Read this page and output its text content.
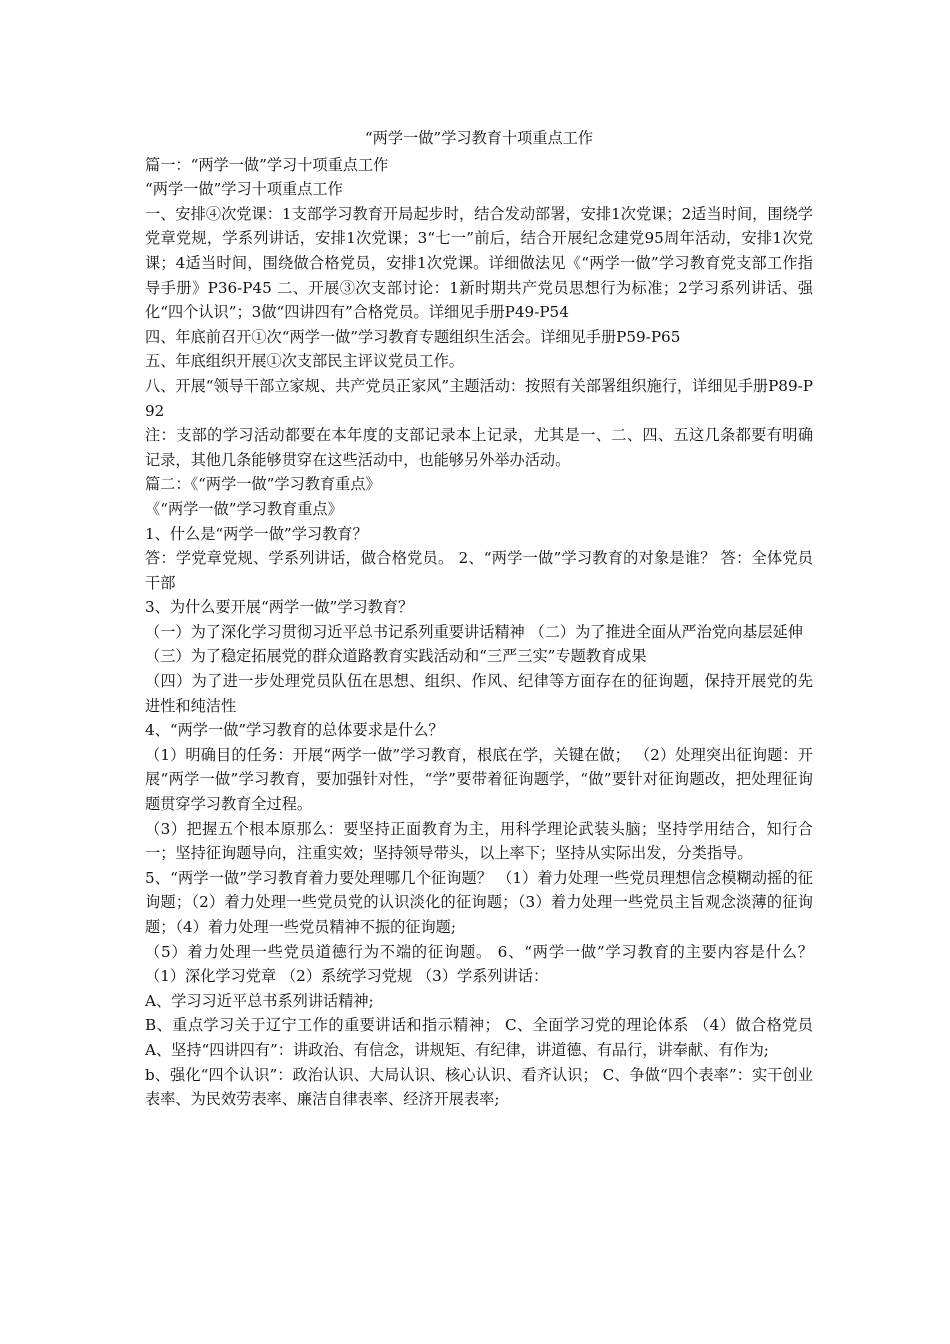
“两学一做”学习教育十项重点工作
篇一：“两学一做”学习十项重点工作
“两学一做”学习十项重点工作
一、安排④次党课：1支部学习教育开局起步时，结合发动部署，安排1次党课；2适当时间，围绕学党章党规，学系列讲话，安排1次党课；3“七一”前后，结合开展纪念建党95周年活动，安排1次党课；4适当时间，围绕做合格党员，安排1次党课。详细做法见《“两学一做”学习教育党支部工作指导手册》P36-P45 二、开展③次支部讨论：1新时期共产党员思想行为标准；2学习系列讲话、强化“四个认识”；3做“四讲四有”合格党员。详细见手册P49-P54
四、年底前召开①次“两学一做”学习教育专题组织生活会。详细见手册P59-P65
五、年底组织开展①次支部民主评议党员工作。
八、开展“领导干部立家规、共产党员正家风”主题活动：按照有关部署组织施行，详细见手册P89-P92
注：支部的学习活动都要在本年度的支部记录本上记录，尤其是一、二、四、五这几条都要有明确记录，其他几条能够贯穿在这些活动中，也能够另外举办活动。
篇二：《“两学一做”学习教育重点》
《“两学一做”学习教育重点》
1、什么是“两学一做”学习教育？
答：学党章党规、学系列讲话，做合格党员。 2、“两学一做”学习教育的对象是谁？ 答：全体党员干部
3、为什么要开展“两学一做”学习教育？
（一）为了深化学习贯彻习近平总书记系列重要讲话精神 （二）为了推进全面从严治党向基层延伸
（三）为了稳定拓展党的群众道路教育实践活动和“三严三实”专题教育成果
（四）为了进一步处理党员队伍在思想、组织、作风、纪律等方面存在的征询题，保持开展党的先进性和纯洁性
4、“两学一做”学习教育的总体要求是什么？
（1）明确目的任务：开展“两学一做”学习教育，根底在学，关键在做； （2）处理突出征询题：开展“两学一做”学习教育，要加强针对性，“学”要带着征询题学，“做”要针对征询题改，把处理征询题贯穿学习教育全过程。
（3）把握五个根本原那么：要坚持正面教育为主，用科学理论武装头脑；坚持学用结合，知行合一；坚持征询题导向，注重实效；坚持领导带头，以上率下；坚持从实际出发，分类指导。
5、“两学一做”学习教育着力要处理哪几个征询题？ （1）着力处理一些党员理想信念模糊动摇的征询题；（2）着力处理一些党员党的认识淡化的征询题；（3）着力处理一些党员主旨观念淡薄的征询题；（4）着力处理一些党员精神不振的征询题;
（5）着力处理一些党员道德行为不端的征询题。 6、“两学一做”学习教育的主要内容是什么？ （1）深化学习党章 （2）系统学习党规 （3）学系列讲话：
A、学习习近平总书系列讲话精神;
B、重点学习关于辽宁工作的重要讲话和指示精神； C、全面学习党的理论体系 （4）做合格党员 A、坚持“四讲四有”：讲政治、有信念，讲规矩、有纪律，讲道德、有品行，讲奉献、有作为;
b、强化“四个认识”：政治认识、大局认识、核心认识、看齐认识； C、争做“四个表率”：实干创业表率、为民效劳表率、廉洁自律表率、经济开展表率;
